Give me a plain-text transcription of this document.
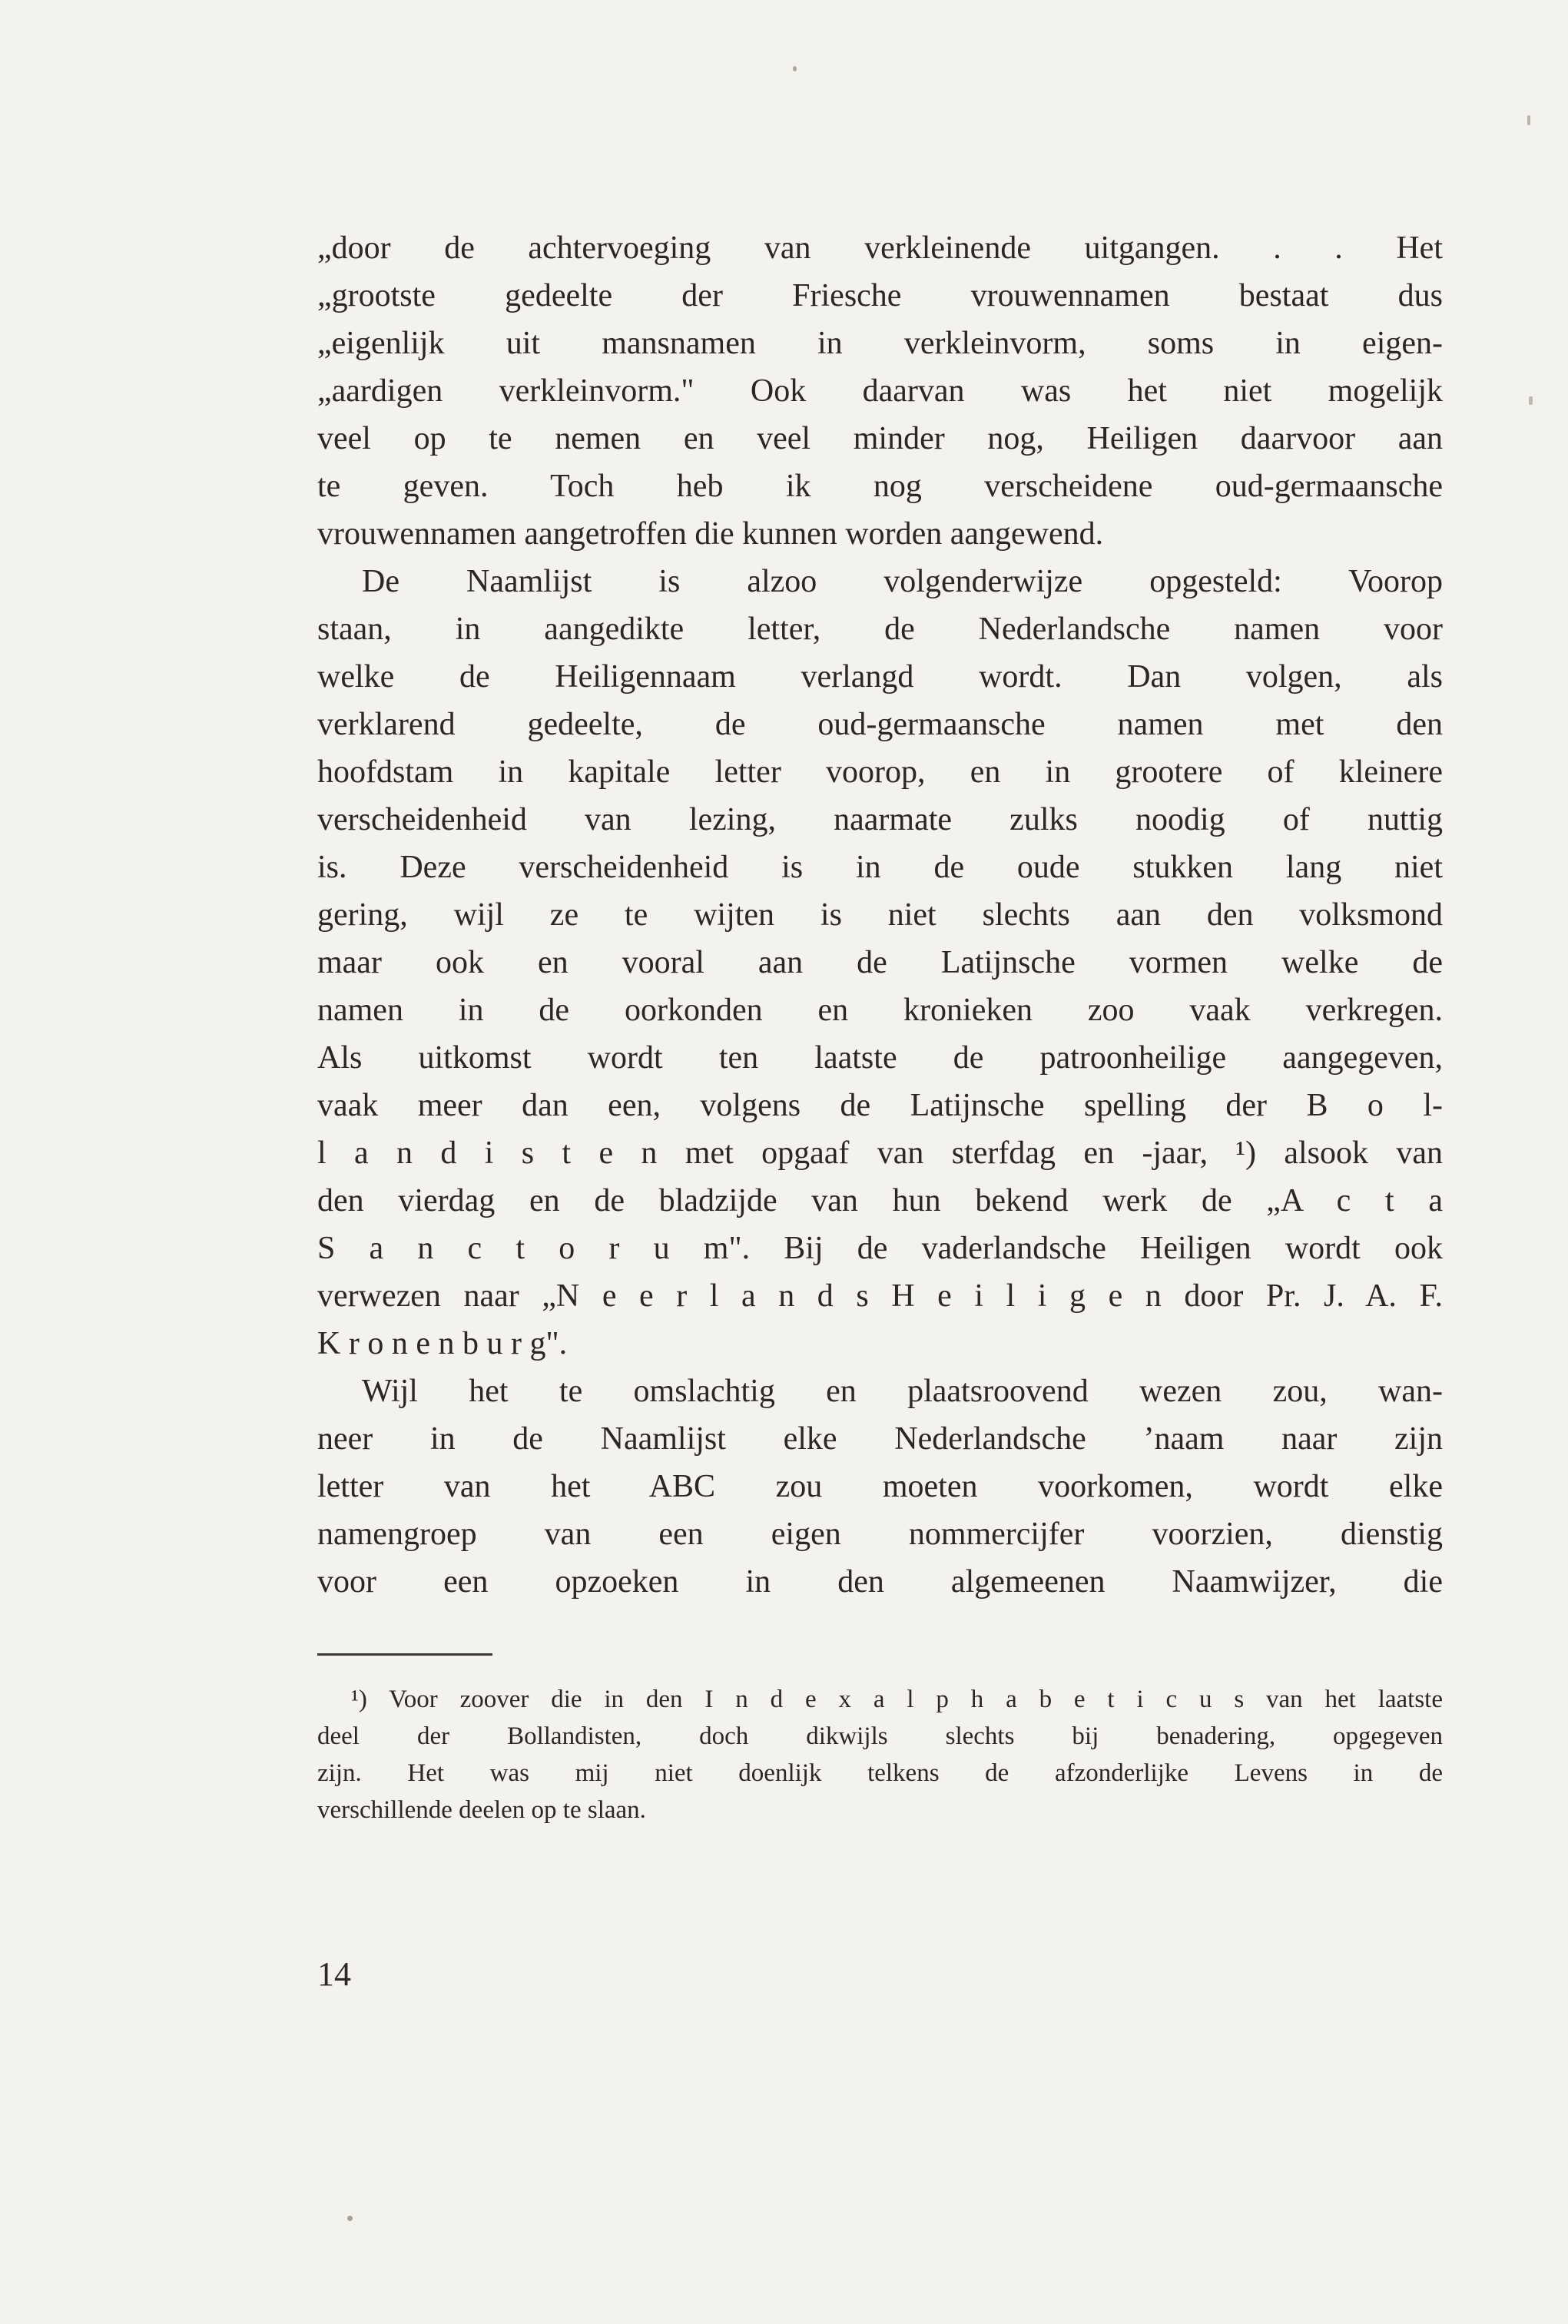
„door de achtervoeging van verkleinende uitgangen. . . Het
„grootste gedeelte der Friesche vrouwennamen bestaat dus
„eigenlijk uit mansnamen in verkleinvorm, soms in eigen-
„aardigen verkleinvorm." Ook daarvan was het niet mogelijk
veel op te nemen en veel minder nog, Heiligen daarvoor aan
te geven. Toch heb ik nog verscheidene oud-germaansche
vrouwennamen aangetroffen die kunnen worden aangewend.
De Naamlijst is alzoo volgenderwijze opgesteld: Voorop
staan, in aangedikte letter, de Nederlandsche namen voor
welke de Heiligennaam verlangd wordt. Dan volgen, als
verklarend gedeelte, de oud-germaansche namen met den
hoofdstam in kapitale letter voorop, en in grootere of kleinere
verscheidenheid van lezing, naarmate zulks noodig of nuttig
is. Deze verscheidenheid is in de oude stukken lang niet
gering, wijl ze te wijten is niet slechts aan den volksmond
maar ook en vooral aan de Latijnsche vormen welke de
namen in de oorkonden en kronieken zoo vaak verkregen.
Als uitkomst wordt ten laatste de patroonheilige aangegeven,
vaak meer dan een, volgens de Latijnsche spelling der B o l-
l a n d i s t e n met opgaaf van sterfdag en -jaar, ¹) alsook van
den vierdag en de bladzijde van hun bekend werk de „A c t a
S a n c t o r u m". Bij de vaderlandsche Heiligen wordt ook
verwezen naar „N e e r l a n d s H e i l i g e n door Pr. J. A. F.
K r o n e n b u r g".
Wijl het te omslachtig en plaatsroovend wezen zou, wan-
neer in de Naamlijst elke Nederlandsche ’naam naar zijn
letter van het ABC zou moeten voorkomen, wordt elke
namengroep van een eigen nommercijfer voorzien, dienstig
voor een opzoeken in den algemeenen Naamwijzer, die
¹) Voor zoover die in den I n d e x a l p h a b e t i c u s van het laatste
deel der Bollandisten, doch dikwijls slechts bij benadering, opgegeven
zijn. Het was mij niet doenlijk telkens de afzonderlijke Levens in de
verschillende deelen op te slaan.
14
